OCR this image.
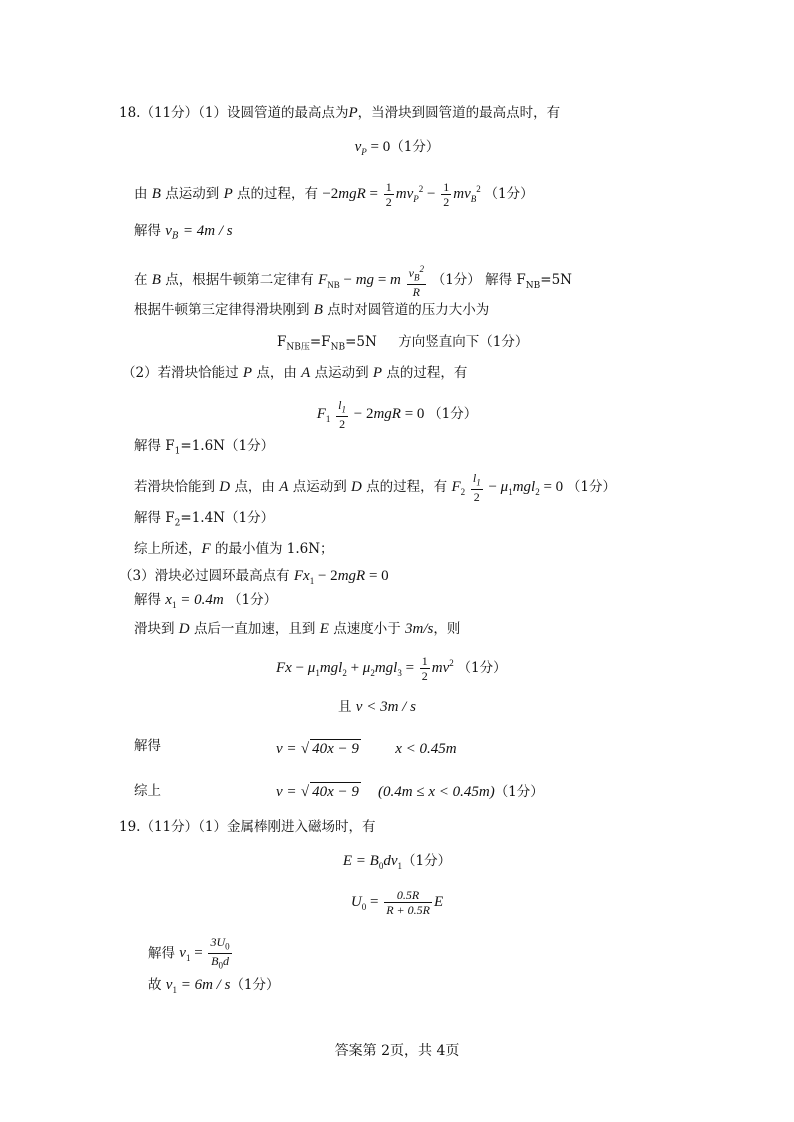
18.（11分）（1）设圆管道的最高点为P，当滑块到圆管道的最高点时，有
$v_P = 0(1$分）
由 B 点运动到 P 点的过程，有 $-2mgR = \frac{1}{2} mv_P^2 - \frac{1}{2} mv_B^2$ （1分）
解得 $v_B = 4m / s$
在 B 点，根据牛顿第二定律有 $F_{NB}$ − mg = m $\frac{v_B^2}{R} (1$分） 解得 $F_{NB}=5N$
根据牛顿第三定律得滑块刚到 B 点时对圆管道的压力大小为
$F_{NB压}=F_{NB}=5N$ 方向竖直向下（1分）
（2）若滑块恰能过 P 点，由 A 点运动到 P 点的过程，有
$F_1 \frac{l_1}{2} - 2mgR = 0$ （1分）
解得 $F_1=1.6N(1$分）
若滑块恰能到 D 点，由 A 点运动到 D 点的过程，有 $F_2 \frac{l_1}{2} - \mu_1mgl_2 = 0$ （1分）
解得 $F_2=1.4N(1$分）
综上所述，F 的最小值为 1.6N；
（3）滑块必过圆环最高点有 $Fx_1 - 2mgR = 0$
解得 $x_1 = 0.4m$ （1分）
滑块到 D 点后一直加速，且到 E 点速度小于 3m/s，则
$Fx - \mu_1mgl_2 + \mu_2mgl_3 = \frac{1}{2} mv^2$ （1分）
且 v < 3m / s
解得	v = √ 40x − 9 x < 0.45m
综上	v = √ 40x − 9 (0.4m ≤ x < 0.45m)（1分）
19.（11分）（1）金属棒刚进入磁场时，有
$E = B_0dv_1(1$分）
$U_0 = \frac{0.5R}{R + 0.5R}$ E
解得 $v_1 = \frac{3U_0}{B_0d}$
故 $v_1 = 6m / s(1$分）
答案第 2页，共 4页
